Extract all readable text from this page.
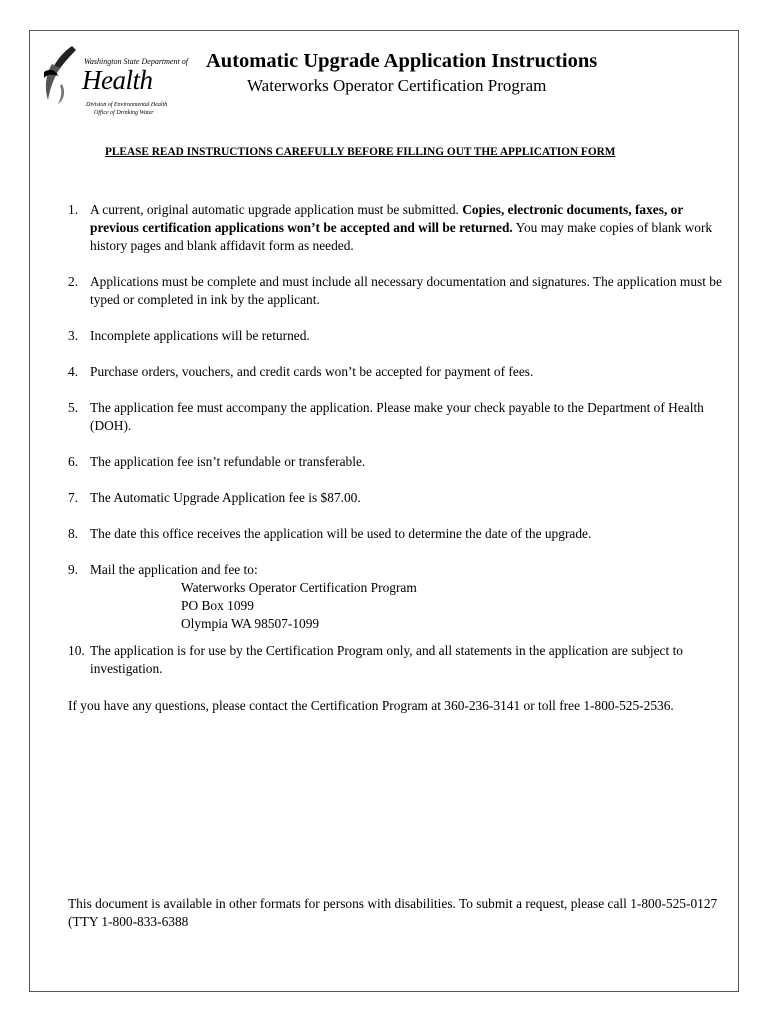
Washington State Department of
Health
Division of Environmental Health
Office of Drinking Water
Automatic Upgrade Application Instructions
Waterworks Operator Certification Program
PLEASE READ INSTRUCTIONS CAREFULLY BEFORE FILLING OUT THE APPLICATION FORM
1. A current, original automatic upgrade application must be submitted. Copies, electronic documents, faxes, or previous certification applications won’t be accepted and will be returned. You may make copies of blank work history pages and blank affidavit form as needed.
2. Applications must be complete and must include all necessary documentation and signatures. The application must be typed or completed in ink by the applicant.
3. Incomplete applications will be returned.
4. Purchase orders, vouchers, and credit cards won’t be accepted for payment of fees.
5. The application fee must accompany the application. Please make your check payable to the Department of Health (DOH).
6. The application fee isn’t refundable or transferable.
7. The Automatic Upgrade Application fee is $87.00.
8. The date this office receives the application will be used to determine the date of the upgrade.
9. Mail the application and fee to:
Waterworks Operator Certification Program
PO Box 1099
Olympia WA 98507-1099
10. The application is for use by the Certification Program only, and all statements in the application are subject to investigation.
If you have any questions, please contact the Certification Program at 360-236-3141 or toll free 1-800-525-2536.
This document is available in other formats for persons with disabilities. To submit a request, please call 1-800-525-0127 (TTY 1-800-833-6388
